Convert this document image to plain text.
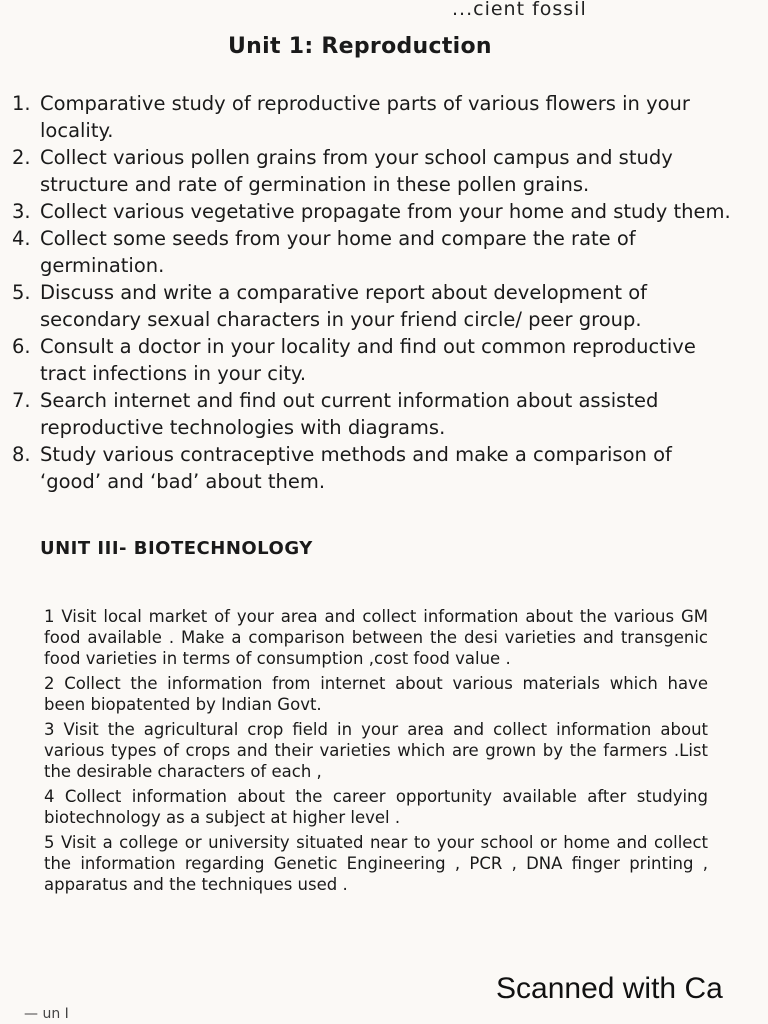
...cient fossil
Unit 1: Reproduction
1. Comparative study of reproductive parts of various flowers in your locality.
2. Collect various pollen grains from your school campus and study structure and rate of germination in these pollen grains.
3. Collect various vegetative propagate from your home and study them.
4. Collect some seeds from your home and compare the rate of germination.
5. Discuss and write a comparative report about development of secondary sexual characters in your friend circle/ peer group.
6. Consult a doctor in your locality and find out common reproductive tract infections in your city.
7. Search internet and find out current information about assisted reproductive technologies with diagrams.
8. Study various contraceptive methods and make a comparison of ‘good’ and ‘bad’ about them.
UNIT III- BIOTECHNOLOGY
1 Visit local market of your area and collect information about the various GM food available . Make a comparison between the desi varieties and transgenic food varieties in terms of consumption ,cost food value .
2 Collect the information from internet about various materials which have been biopatented by Indian Govt.
3 Visit the agricultural crop field in your area and collect information about various types of crops and their varieties which are grown by the farmers .List the desirable characters of each ,
4 Collect information about the career opportunity available after studying biotechnology as a subject at higher level .
5 Visit a college or university situated near to your school or home and collect the information regarding Genetic Engineering , PCR , DNA finger printing , apparatus and the techniques used .
— un I
Scanned with Ca
